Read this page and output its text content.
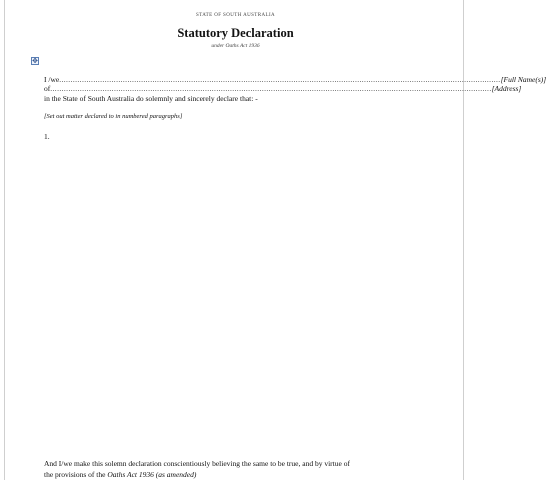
STATE OF SOUTH AUSTRALIA
Statutory Declaration
under Oaths Act 1936
✥
I /we .................................................................................................................................................................................................. [Full Name(s)]
of .................................................................................................................................................................................................. [Address]
in the State of South Australia do solemnly and sincerely declare that: -
[Set out matter declared to in numbered paragraphs]
1.
And I/we make this solemn declaration conscientiously believing the same to be true, and by virtue of
the provisions of the Oaths Act 1936 (as amended)
